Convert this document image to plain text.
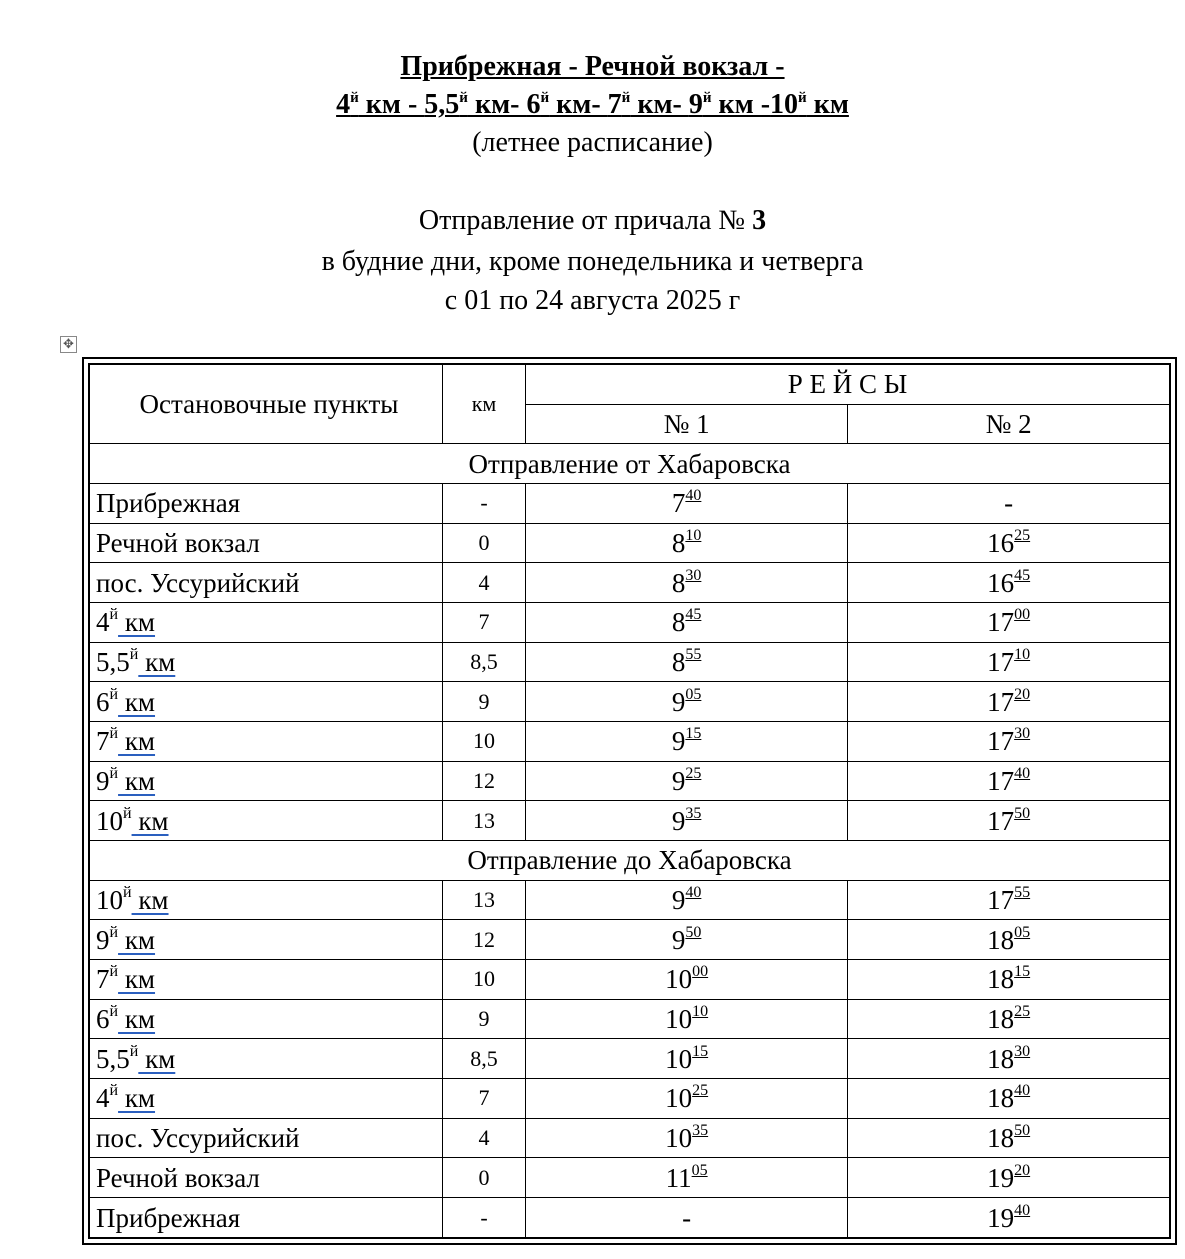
Прибрежная - Речной вокзал -
$4^й$ км - $5,5^й$ км- $6^й$ км- $7^й$ км- $9^й$ км $-10^й$ км
(летнее расписание)
Отправление от причала № 3
в будние дни, кроме понедельника и четверга
с 01 по 24 августа 2025 г
✥
Остановочные пункты	км	Р Е Й С Ы	
		№ 1	№ 2
Отправление от Хабаровска			
Прибрежная	-	$7^{40}$	-
Речной вокзал	0	$8^{10}$	$16^{25}$
пос. Уссурийский	4	$8^{30}$	$16^{45}$
$4^й$ км	7	$8^{45}$	$17^{00}$
$5,5^й$ км	8,5	$8^{55}$	$17^{10}$
$6^й$ км	9	$9^{05}$	$17^{20}$
$7^й$ км	10	$9^{15}$	$17^{30}$
$9^й$ км	12	$9^{25}$	$17^{40}$
$10^й$ км	13	$9^{35}$	$17^{50}$
Отправление до Хабаровска			
$10^й$ км	13	$9^{40}$	$17^{55}$
$9^й$ км	12	$9^{50}$	$18^{05}$
$7^й$ км	10	$10^{00}$	$18^{15}$
$6^й$ км	9	$10^{10}$	$18^{25}$
$5,5^й$ км	8,5	$10^{15}$	$18^{30}$
$4^й$ км	7	$10^{25}$	$18^{40}$
пос. Уссурийский	4	$10^{35}$	$18^{50}$
Речной вокзал	0	$11^{05}$	$19^{20}$
Прибрежная	-	-	$19^{40}$
